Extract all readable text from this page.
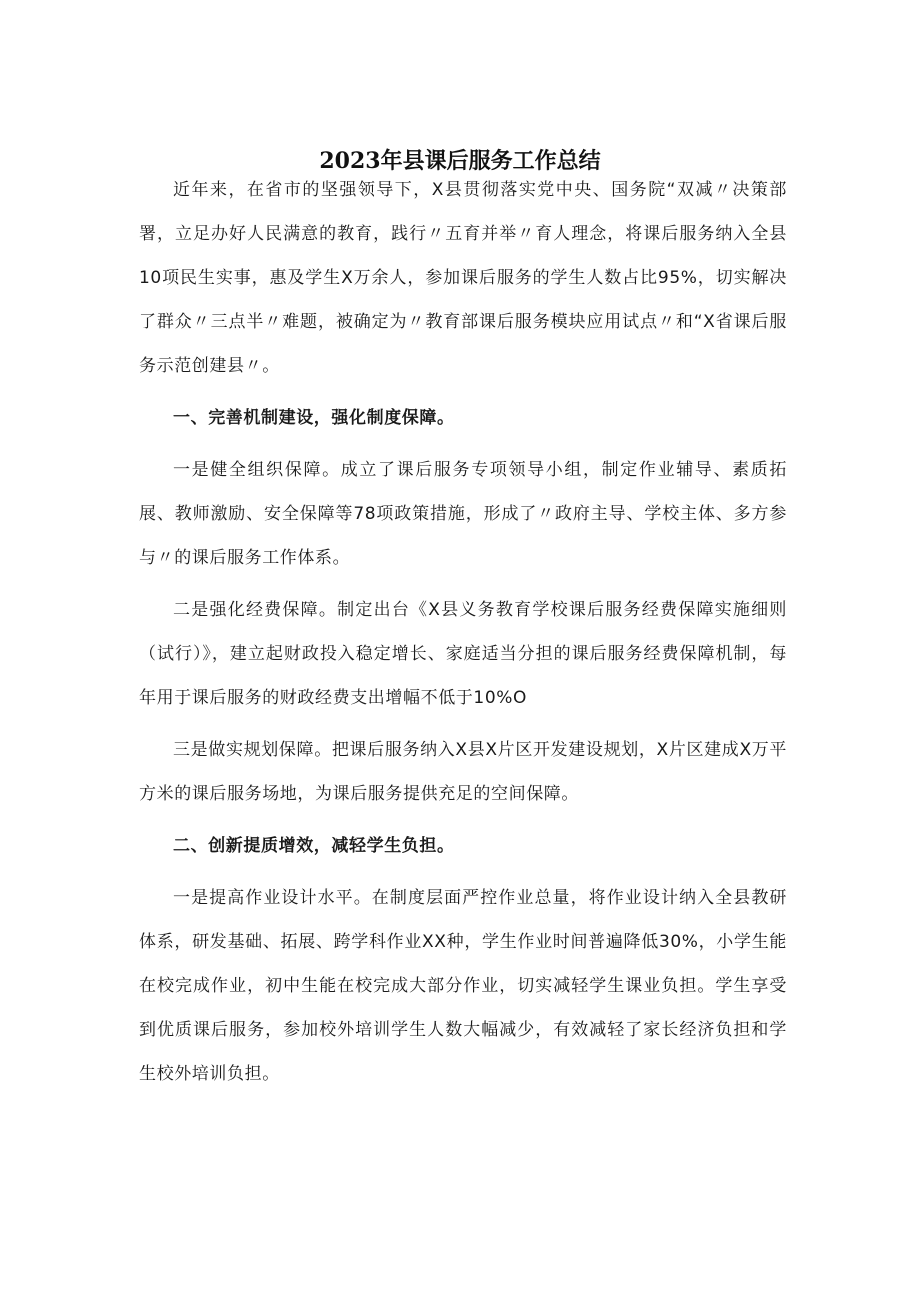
2023年县课后服务工作总结

近年来，在省市的坚强领导下，X县贯彻落实党中央、国务院“双减〃决策部署，立足办好人民满意的教育，践行〃五育并举〃育人理念，将课后服务纳入全县10项民生实事，惠及学生X万余人，参加课后服务的学生人数占比95%，切实解决了群众〃三点半〃难题，被确定为〃教育部课后服务模块应用试点〃和“X省课后服务示范创建县〃。

一、完善机制建设，强化制度保障。

一是健全组织保障。成立了课后服务专项领导小组，制定作业辅导、素质拓展、教师激励、安全保障等78项政策措施，形成了〃政府主导、学校主体、多方参与〃的课后服务工作体系。

二是强化经费保障。制定出台《X县义务教育学校课后服务经费保障实施细则（试行）》，建立起财政投入稳定增长、家庭适当分担的课后服务经费保障机制，每年用于课后服务的财政经费支出增幅不低于10%O

三是做实规划保障。把课后服务纳入X县X片区开发建设规划，X片区建成X万平方米的课后服务场地，为课后服务提供充足的空间保障。

二、创新提质增效，减轻学生负担。

一是提高作业设计水平。在制度层面严控作业总量，将作业设计纳入全县教研体系，研发基础、拓展、跨学科作业XX种，学生作业时间普遍降低30%，小学生能在校完成作业，初中生能在校完成大部分作业，切实减轻学生课业负担。学生享受到优质课后服务，参加校外培训学生人数大幅减少，有效减轻了家长经济负担和学生校外培训负担。
